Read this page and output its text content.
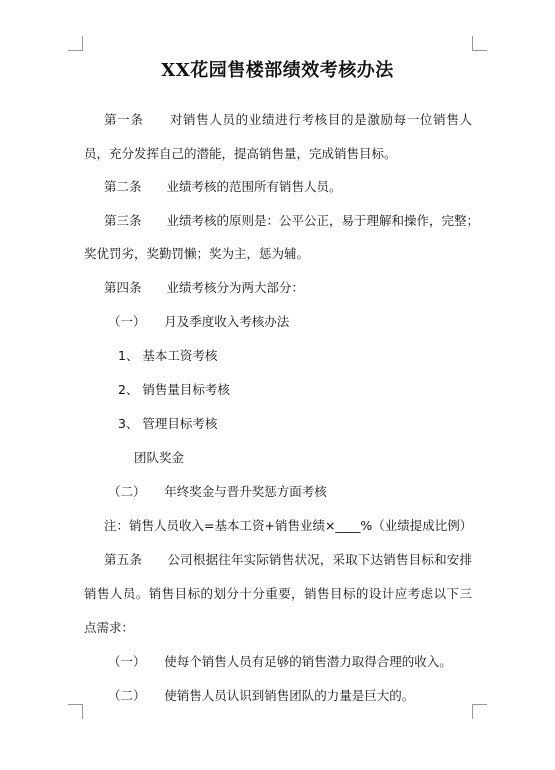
XX花园售楼部绩效考核办法
第一条　　对销售人员的业绩进行考核目的是激励每一位销售人
员，充分发挥自己的潜能，提高销售量，完成销售目标。
第二条　　业绩考核的范围所有销售人员。
第三条　　业绩考核的原则是：公平公正，易于理解和操作，完整；
奖优罚劣，奖勤罚懒；奖为主，惩为辅。
第四条　　业绩考核分为两大部分：
（一）　　月及季度收入考核办法
1、 基本工资考核
2、 销售量目标考核
3、 管理目标考核
团队奖金
（二）　　年终奖金与晋升奖惩方面考核
注：销售人员收入=基本工资+销售业绩×____%（业绩提成比例）
第五条　　公司根据往年实际销售状况，采取下达销售目标和安排
销售人员。销售目标的划分十分重要，销售目标的设计应考虑以下三
点需求：
（一）　　使每个销售人员有足够的销售潜力取得合理的收入。
（二）　　使销售人员认识到销售团队的力量是巨大的。
